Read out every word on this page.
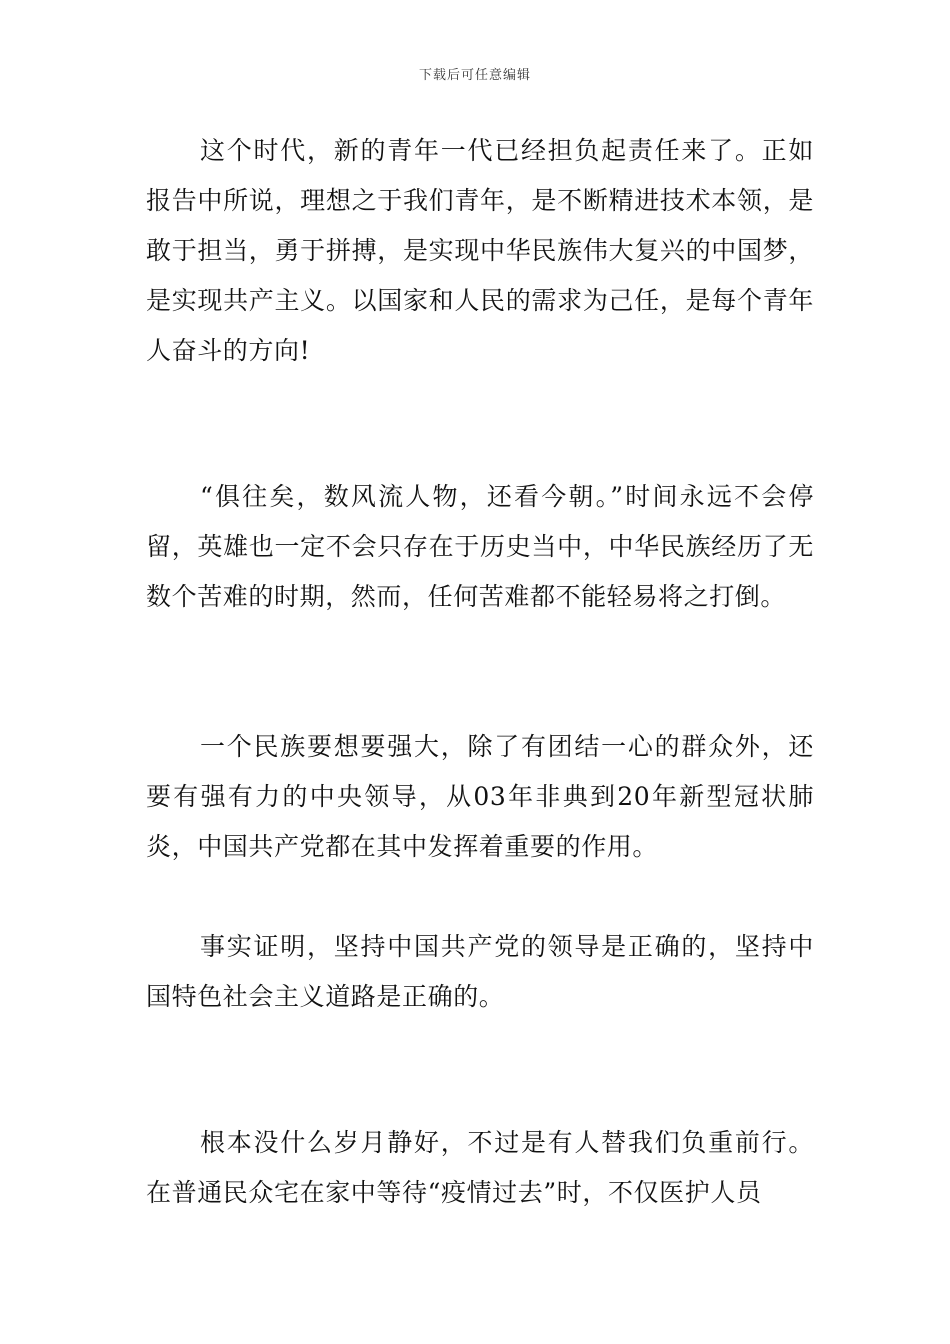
下载后可任意编辑

这个时代，新的青年一代已经担负起责任来了。正如报告中所说，理想之于我们青年，是不断精进技术本领，是敢于担当，勇于拼搏，是实现中华民族伟大复兴的中国梦，是实现共产主义。以国家和人民的需求为己任，是每个青年人奋斗的方向!

“俱往矣，数风流人物，还看今朝。”时间永远不会停留，英雄也一定不会只存在于历史当中，中华民族经历了无数个苦难的时期，然而，任何苦难都不能轻易将之打倒。

一个民族要想要强大，除了有团结一心的群众外，还要有强有力的中央领导，从03年非典到20年新型冠状肺炎，中国共产党都在其中发挥着重要的作用。

事实证明，坚持中国共产党的领导是正确的，坚持中国特色社会主义道路是正确的。

根本没什么岁月静好，不过是有人替我们负重前行。在普通民众宅在家中等待“疫情过去”时，不仅医护人员
